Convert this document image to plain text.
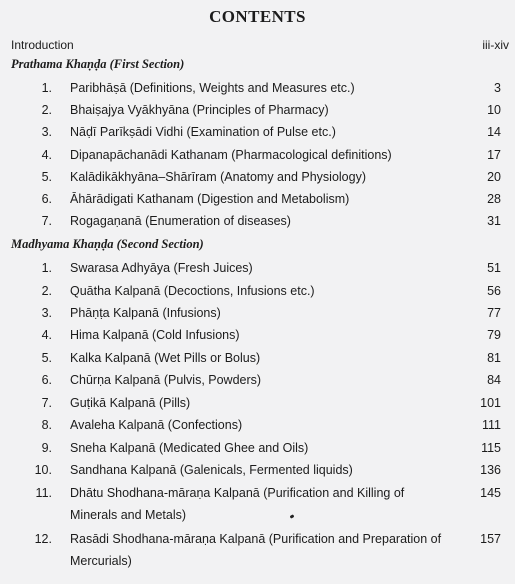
CONTENTS
Introduction	iii-xiv
Prathama Khaṇḍa (First Section)
1. Paribhāṣā (Definitions, Weights and Measures etc.)	3
2. Bhaiṣajya Vyākhyāna (Principles of Pharmacy)	10
3. Nāḍī Parīkṣādi Vidhi (Examination of Pulse etc.)	14
4. Dipanapāchanādi Kathanam (Pharmacological definitions)	17
5. Kalādikākhyāna–Shārīram (Anatomy and Physiology)	20
6. Āhārādigati Kathanam (Digestion and Metabolism)	28
7. Rogagaṇanā (Enumeration of diseases)	31
Madhyama Khaṇḍa (Second Section)
1. Swarasa Adhyāya (Fresh Juices)	51
2. Quātha Kalpanā (Decoctions, Infusions etc.)	56
3. Phāṇṭa Kalpanā (Infusions)	77
4. Hima Kalpanā (Cold Infusions)	79
5. Kalka Kalpanā (Wet Pills or Bolus)	81
6. Chūrṇa Kalpanā (Pulvis, Powders)	84
7. Guṭikā Kalpanā (Pills)	101
8. Avaleha Kalpanā (Confections)	111
9. Sneha Kalpanā (Medicated Ghee and Oils)	115
10. Sandhana Kalpanā (Galenicals, Fermented liquids)	136
11. Dhātu Shodhana-māraṇa Kalpanā (Purification and Killing of	145
Minerals and Metals)
12. Rasādi Shodhana-māraṇa Kalpanā (Purification and Preparation of	157
Mercurials)
